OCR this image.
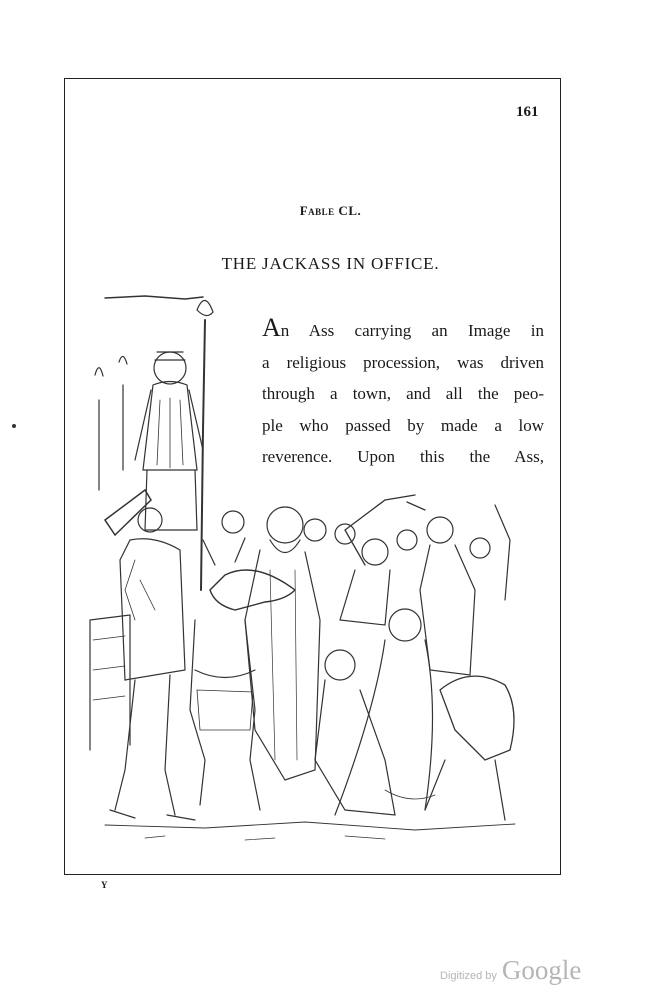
161
Fable CL.
THE JACKASS IN OFFICE.
An Ass carrying an Image in
a religious procession, was driven
through a town, and all the peo-
ple who passed by made a low
reverence. Upon this the Ass,
Y
Digitized by Google
